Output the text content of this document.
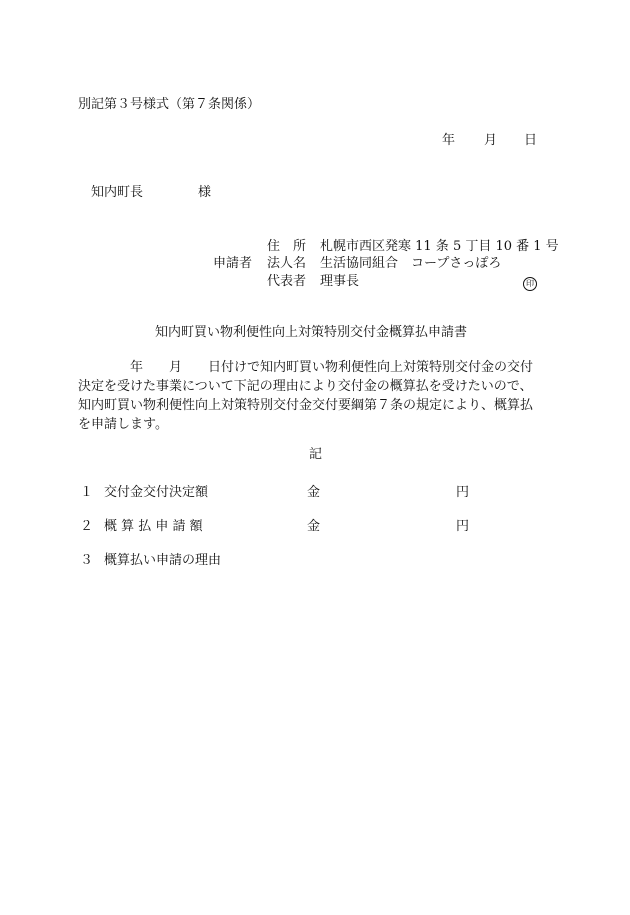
別記第３号様式（第７条関係）
年 月 日
知内町長	様
住　所 札幌市西区発寒 11 条 5 丁目 10 番 1 号
申請者 法人名 生活協同組合　コープさっぽろ
代表者 理事長	印
知内町買い物利便性向上対策特別交付金概算払申請書
　　　　年　　月　　日付けで知内町買い物利便性向上対策特別交付金の交付
決定を受けた事業について下記の理由により交付金の概算払を受けたいので、
知内町買い物利便性向上対策特別交付金交付要綱第７条の規定により、概算払
を申請します。
記
１ 交付金交付決定額	金	円
２ 概 算 払 申 請 額	金	円
３ 概算払い申請の理由
